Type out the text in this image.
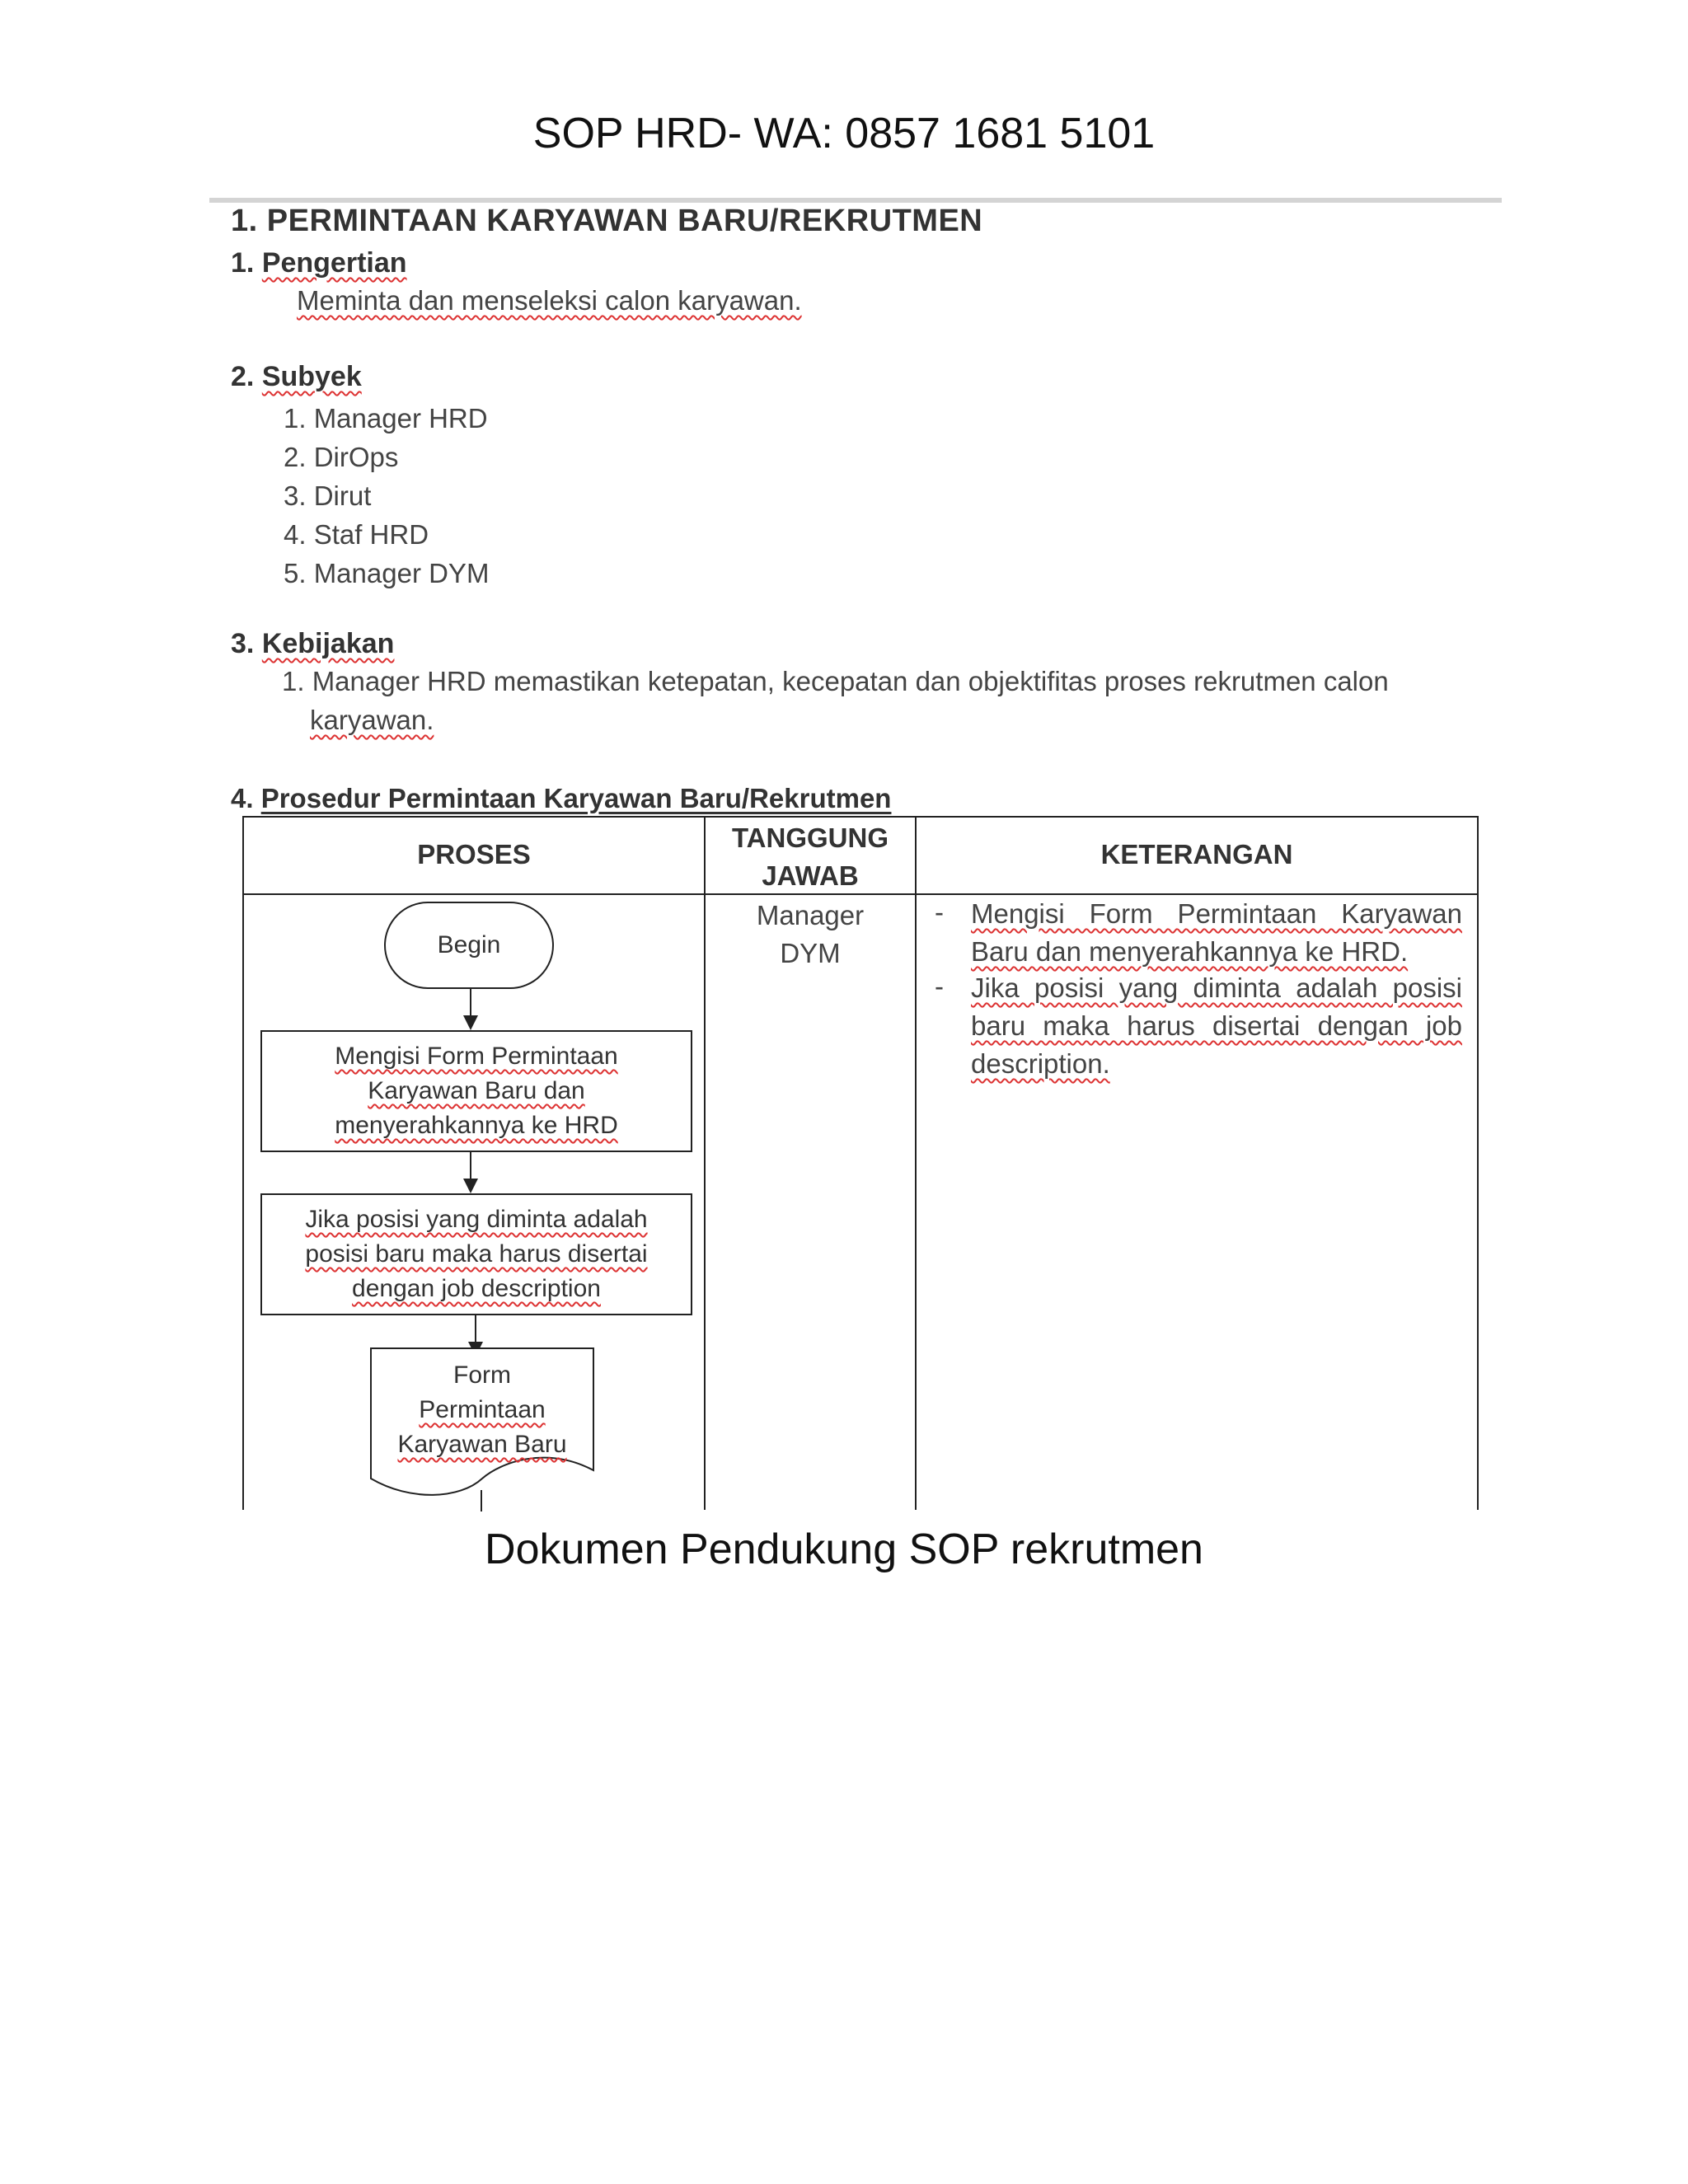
SOP HRD- WA: 0857 1681 5101
1. PERMINTAAN KARYAWAN BARU/REKRUTMEN
1. Pengertian
Meminta dan menseleksi calon karyawan.
2. Subyek
1. Manager HRD
2. DirOps
3. Dirut
4. Staf HRD
5. Manager DYM
3. Kebijakan
1. Manager HRD memastikan ketepatan, kecepatan dan objektifitas proses rekrutmen calon
karyawan.
4. Prosedur Permintaan Karyawan Baru/Rekrutmen
PROSES
TANGGUNG
JAWAB
KETERANGAN
Manager
DYM
- Mengisi Form Permintaan Karyawan Baru dan menyerahkannya ke HRD.
- Jika posisi yang diminta adalah posisi baru maka harus disertai dengan job description.
Begin
Mengisi Form Permintaan
Karyawan Baru dan
menyerahkannya ke HRD
Jika posisi yang diminta adalah
posisi baru maka harus disertai
dengan job description
Form
Permintaan
Karyawan Baru
Dokumen Pendukung SOP rekrutmen
